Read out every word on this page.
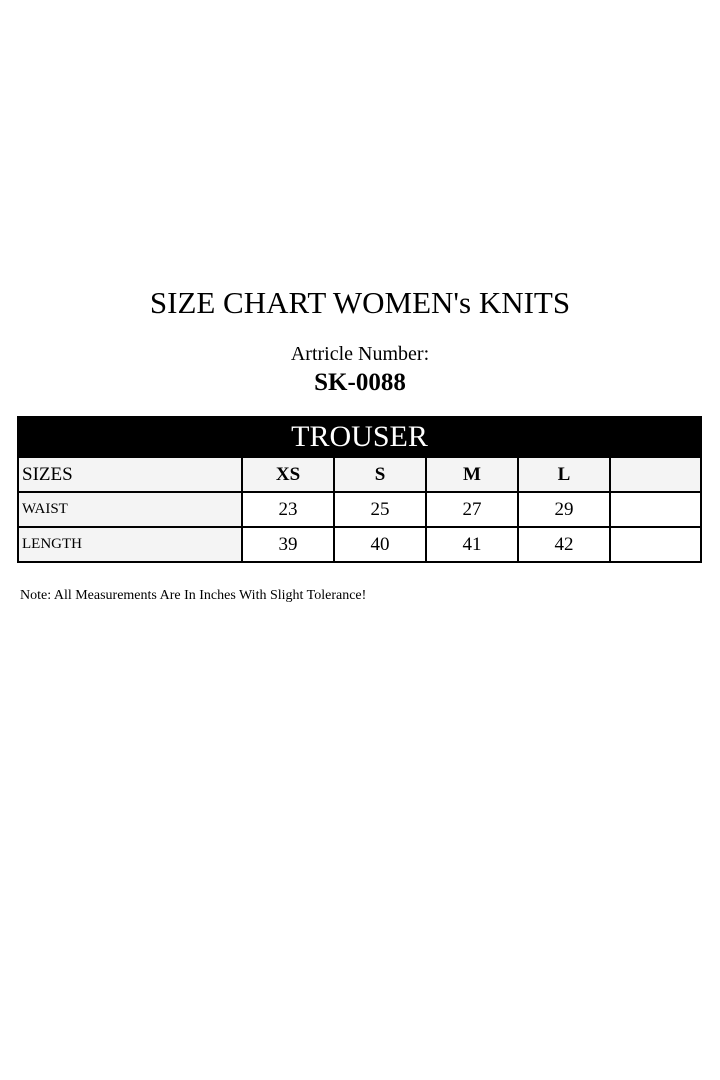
SIZE CHART WOMEN's KNITS
Artricle Number:
SK-0088
TROUSER
SIZES	XS	S	M	L	
WAIST	23	25	27	29	
LENGTH	39	40	41	42	
Note: All Measurements Are In Inches With Slight Tolerance!
